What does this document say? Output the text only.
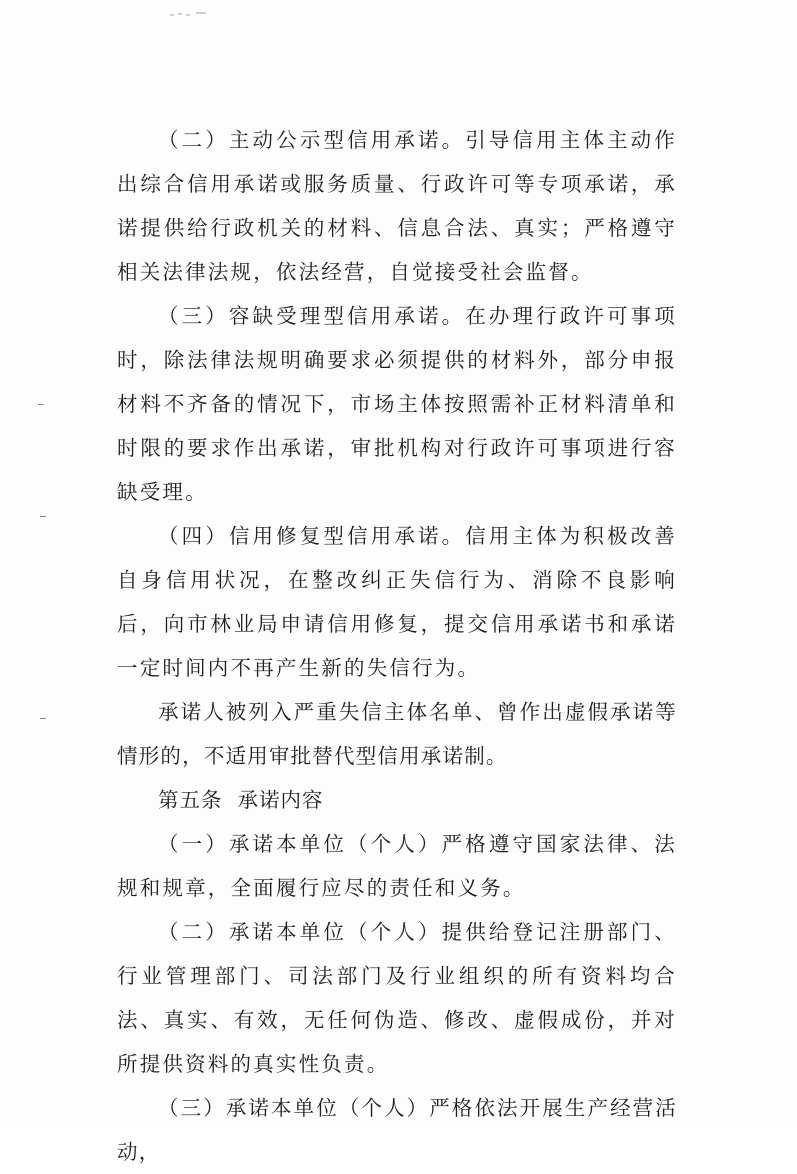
（二）主动公示型信用承诺。引导信用主体主动作出综合信用承诺或服务质量、行政许可等专项承诺，承诺提供给行政机关的材料、信息合法、真实；严格遵守相关法律法规，依法经营，自觉接受社会监督。

（三）容缺受理型信用承诺。在办理行政许可事项时，除法律法规明确要求必须提供的材料外，部分申报材料不齐备的情况下，市场主体按照需补正材料清单和时限的要求作出承诺，审批机构对行政许可事项进行容缺受理。

（四）信用修复型信用承诺。信用主体为积极改善自身信用状况，在整改纠正失信行为、消除不良影响后，向市林业局申请信用修复，提交信用承诺书和承诺一定时间内不再产生新的失信行为。

承诺人被列入严重失信主体名单、曾作出虚假承诺等情形的，不适用审批替代型信用承诺制。

第五条  承诺内容

（一）承诺本单位（个人）严格遵守国家法律、法规和规章，全面履行应尽的责任和义务。

（二）承诺本单位（个人）提供给登记注册部门、行业管理部门、司法部门及行业组织的所有资料均合法、真实、有效，无任何伪造、修改、虚假成份，并对所提供资料的真实性负责。

（三）承诺本单位（个人）严格依法开展生产经营活动，
